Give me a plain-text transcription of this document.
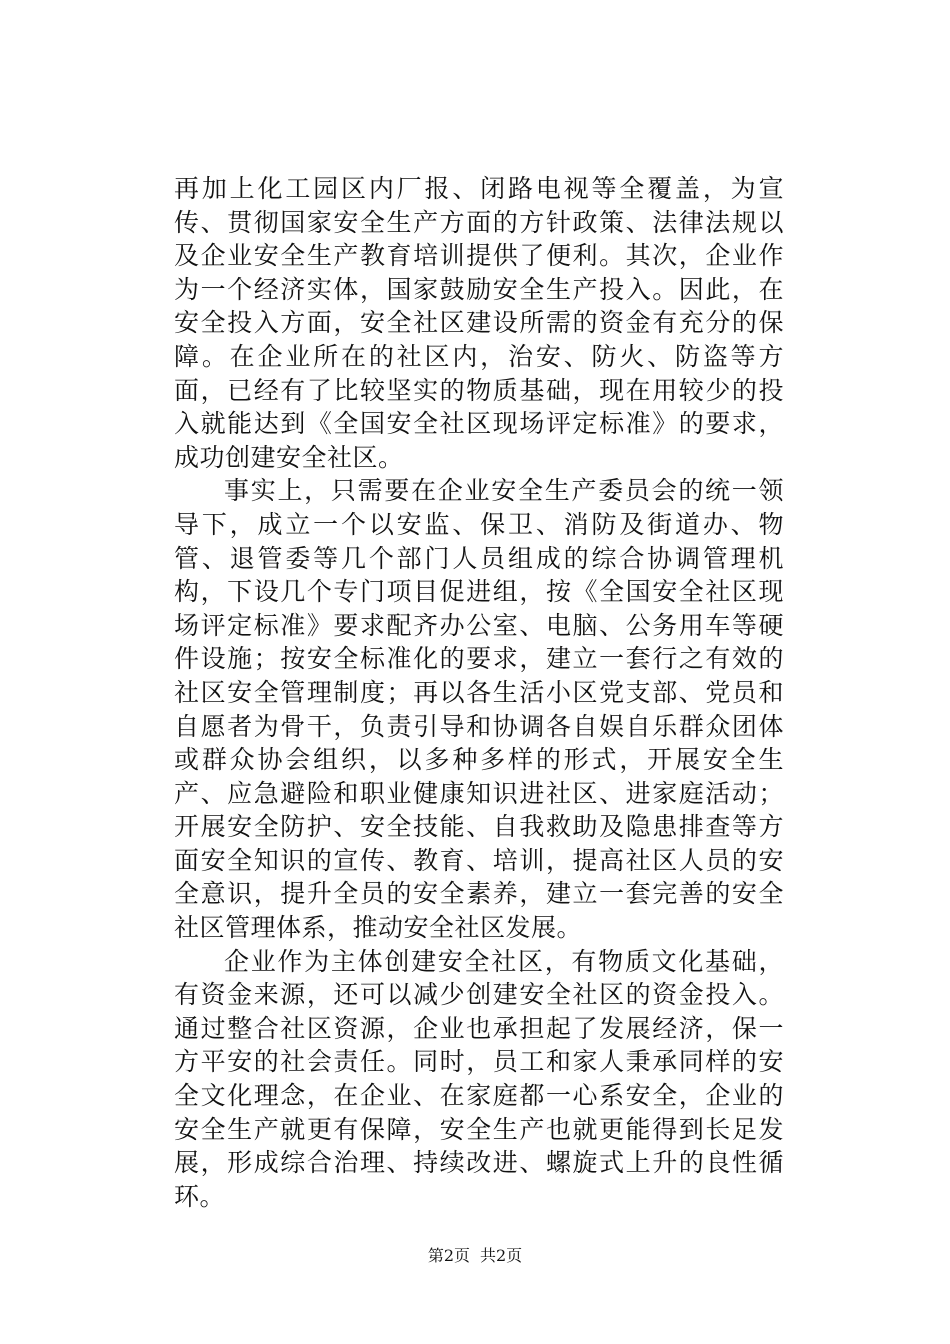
再加上化工园区内厂报、闭路电视等全覆盖，为宣传、贯彻国家安全生产方面的方针政策、法律法规以及企业安全生产教育培训提供了便利。其次，企业作为一个经济实体，国家鼓励安全生产投入。因此，在安全投入方面，安全社区建设所需的资金有充分的保障。在企业所在的社区内，治安、防火、防盗等方面，已经有了比较坚实的物质基础，现在用较少的投入就能达到《全国安全社区现场评定标准》的要求，成功创建安全社区。

事实上，只需要在企业安全生产委员会的统一领导下，成立一个以安监、保卫、消防及街道办、物管、退管委等几个部门人员组成的综合协调管理机构，下设几个专门项目促进组，按《全国安全社区现场评定标准》要求配齐办公室、电脑、公务用车等硬件设施；按安全标准化的要求，建立一套行之有效的社区安全管理制度；再以各生活小区党支部、党员和自愿者为骨干，负责引导和协调各自娱自乐群众团体或群众协会组织，以多种多样的形式，开展安全生产、应急避险和职业健康知识进社区、进家庭活动；开展安全防护、安全技能、自我救助及隐患排查等方面安全知识的宣传、教育、培训，提高社区人员的安全意识，提升全员的安全素养，建立一套完善的安全社区管理体系，推动安全社区发展。

企业作为主体创建安全社区，有物质文化基础，有资金来源，还可以减少创建安全社区的资金投入。通过整合社区资源，企业也承担起了发展经济，保一方平安的社会责任。同时，员工和家人秉承同样的安全文化理念，在企业、在家庭都一心系安全，企业的安全生产就更有保障，安全生产也就更能得到长足发展，形成综合治理、持续改进、螺旋式上升的良性循环。

第2页 共2页
